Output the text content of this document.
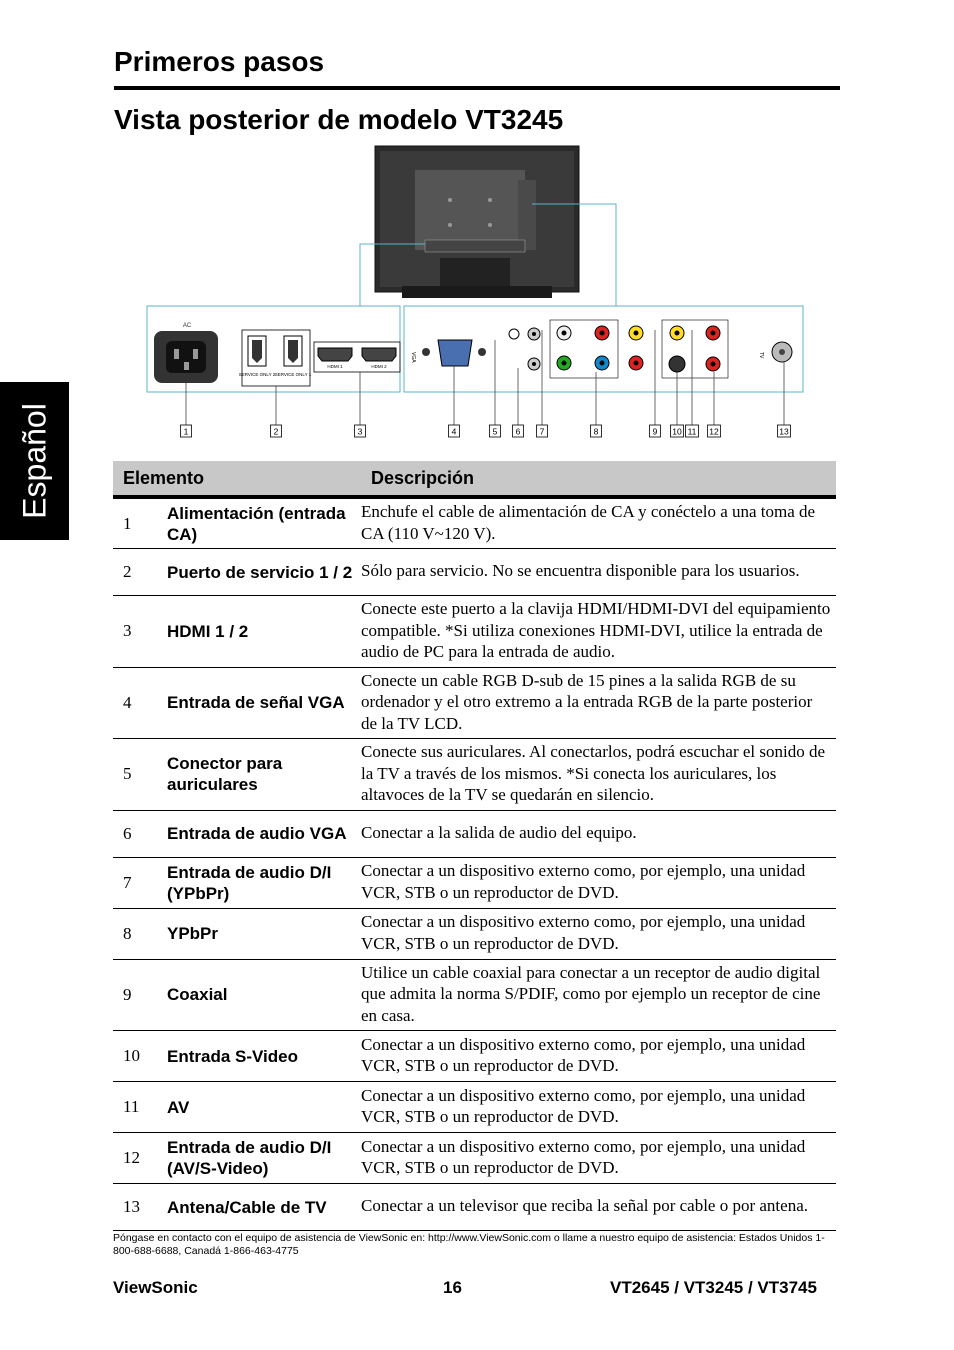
Primeros pasos
Vista posterior de modelo VT3245
Español
AC
SERVICE ONLY 2 SERVICE ONLY 1
HDMI 1	HDMI 2
VGA	TV
1	2	3	4	5 6 7	8	9 10 11 12	13
Elemento		Descripción
1	Alimentación (entrada CA)	Enchufe el cable de alimentación de CA y conéctelo a una toma de CA (110 V~120 V).
2	Puerto de servicio 1 / 2	Sólo para servicio. No se encuentra disponible para los usuarios.
3	HDMI 1 / 2	Conecte este puerto a la clavija HDMI/HDMI-DVI del equipamiento compatible. *Si utiliza conexiones HDMI-DVI, utilice la entrada de audio de PC para la entrada de audio.
4	Entrada de señal VGA	Conecte un cable RGB D-sub de 15 pines a la salida RGB de su ordenador y el otro extremo a la entrada RGB de la parte posterior de la TV LCD.
5	Conector para auriculares	Conecte sus auriculares. Al conectarlos, podrá escuchar el sonido de la TV a través de los mismos. *Si conecta los auriculares, los altavoces de la TV se quedarán en silencio.
6	Entrada de audio VGA	Conectar a la salida de audio del equipo.
7	Entrada de audio D/I (YPbPr)	Conectar a un dispositivo externo como, por ejemplo, una unidad VCR, STB o un reproductor de DVD.
8	YPbPr	Conectar a un dispositivo externo como, por ejemplo, una unidad VCR, STB o un reproductor de DVD.
9	Coaxial	Utilice un cable coaxial para conectar a un receptor de audio digital que admita la norma S/PDIF, como por ejemplo un receptor de cine en casa.
10	Entrada S-Video	Conectar a un dispositivo externo como, por ejemplo, una unidad VCR, STB o un reproductor de DVD.
11	AV	Conectar a un dispositivo externo como, por ejemplo, una unidad VCR, STB o un reproductor de DVD.
12	Entrada de audio D/I (AV/S-Video)	Conectar a un dispositivo externo como, por ejemplo, una unidad VCR, STB o un reproductor de DVD.
13	Antena/Cable de TV	Conectar a un televisor que reciba la señal por cable o por antena.
Póngase en contacto con el equipo de asistencia de ViewSonic en: http://www.ViewSonic.com o llame a nuestro equipo de asistencia: Estados Unidos 1-800-688-6688, Canadá 1-866-463-4775
ViewSonic	16	VT2645 / VT3245 / VT3745
